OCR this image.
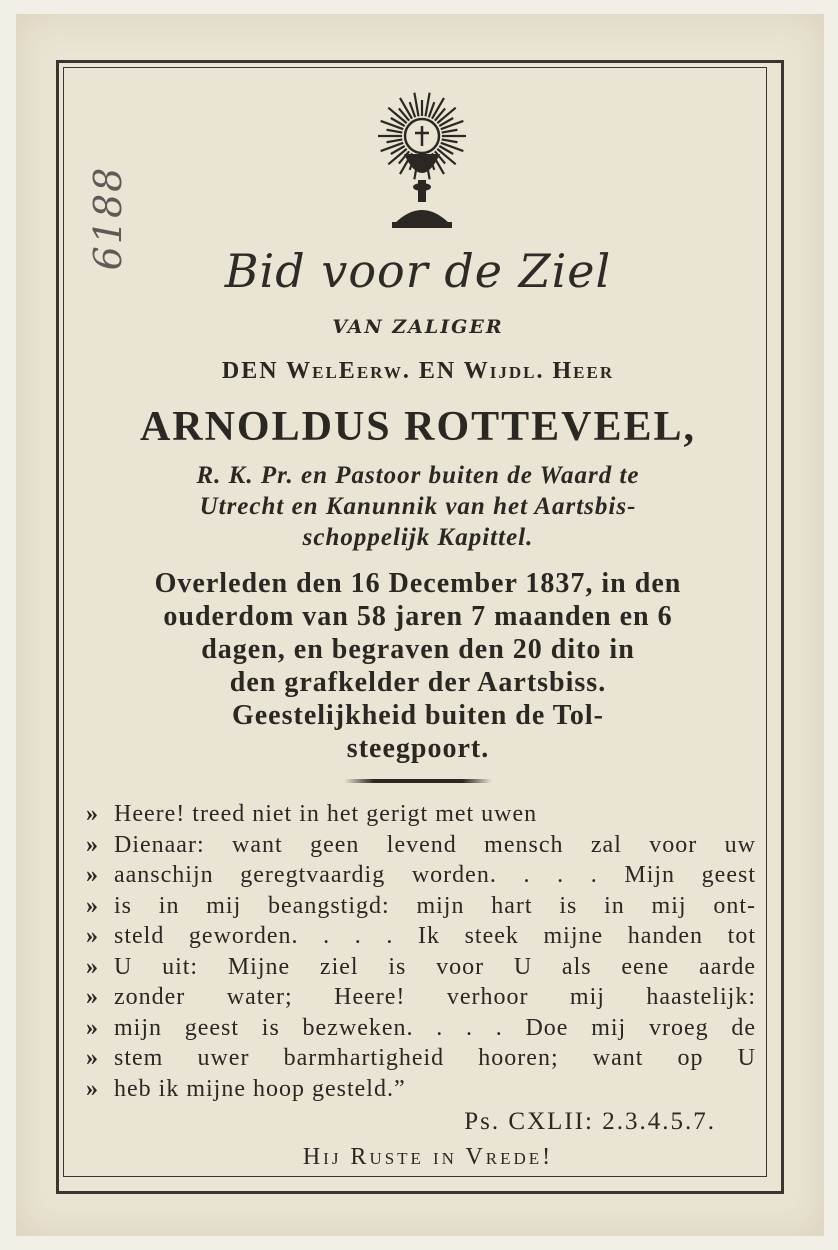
6188
Bid voor de Ziel
VAN ZALIGER
DEN WelEerw. EN Wijdl. Heer
ARNOLDUS ROTTEVEEL,
R. K. Pr. en Pastoor buiten de Waard te
Utrecht en Kanunnik van het Aartsbis-
schoppelijk Kapittel.
Overleden den 16 December 1837, in den
ouderdom van 58 jaren 7 maanden en 6
dagen, en begraven den 20 dito in
den grafkelder der Aartsbiss.
Geestelijkheid buiten de Tol-
steegpoort.
» Heere! treed niet in het gerigt met uwen
» Dienaar: want geen levend mensch zal voor uw
» aanschijn geregtvaardig worden. . . . Mijn geest
» is in mij beangstigd: mijn hart is in mij ont-
» steld geworden. . . . Ik steek mijne handen tot
» U uit: Mijne ziel is voor U als eene aarde
» zonder water; Heere! verhoor mij haastelijk:
» mijn geest is bezweken. . . . Doe mij vroeg de
» stem uwer barmhartigheid hooren; want op U
» heb ik mijne hoop gesteld.”
Ps. CXLII: 2.3.4.5.7.
Hij Ruste in Vrede!
